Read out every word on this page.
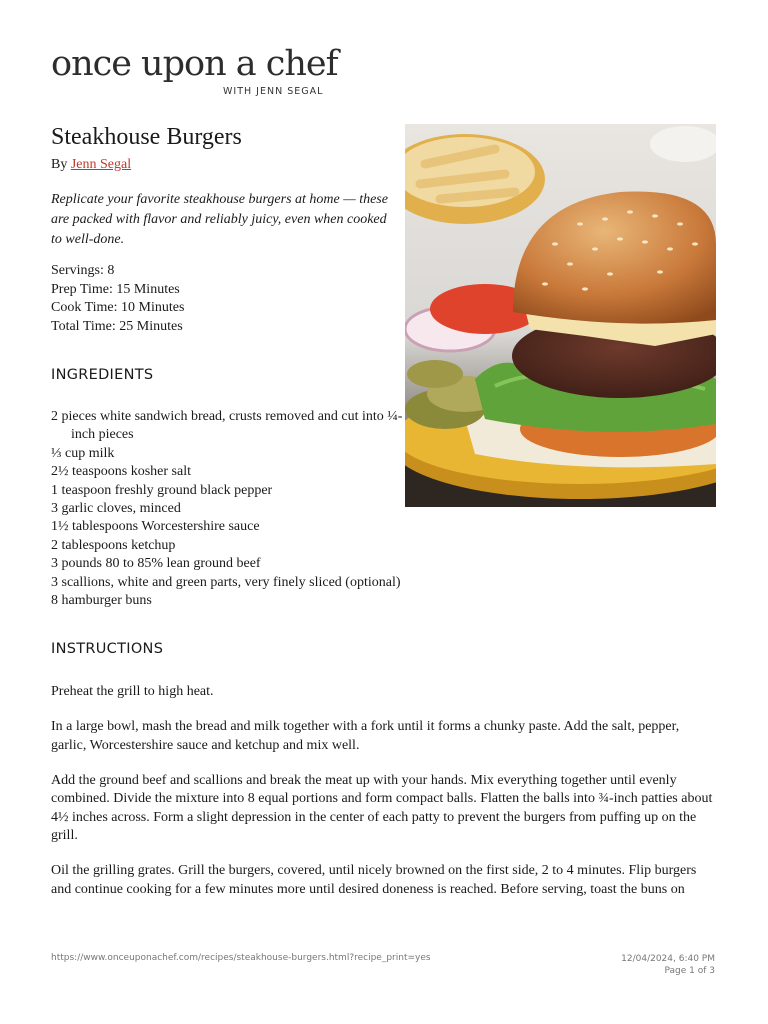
once upon a chef
WITH JENN SEGAL
Steakhouse Burgers
By Jenn Segal

Replicate your favorite steakhouse burgers at home — these are packed with flavor and reliably juicy, even when cooked to well-done.

Servings: 8
Prep Time: 15 Minutes
Cook Time: 10 Minutes
Total Time: 25 Minutes
INGREDIENTS
2 pieces white sandwich bread, crusts removed and cut into ¼-inch pieces
⅓ cup milk
2½ teaspoons kosher salt
1 teaspoon freshly ground black pepper
3 garlic cloves, minced
1½ tablespoons Worcestershire sauce
2 tablespoons ketchup
3 pounds 80 to 85% lean ground beef
3 scallions, white and green parts, very finely sliced (optional)
8 hamburger buns
INSTRUCTIONS

Preheat the grill to high heat.

In a large bowl, mash the bread and milk together with a fork until it forms a chunky paste. Add the salt, pepper, garlic, Worcestershire sauce and ketchup and mix well.

Add the ground beef and scallions and break the meat up with your hands. Mix everything together until evenly combined. Divide the mixture into 8 equal portions and form compact balls. Flatten the balls into ¾-inch patties about 4½ inches across. Form a slight depression in the center of each patty to prevent the burgers from puffing up on the grill.

Oil the grilling grates. Grill the burgers, covered, until nicely browned on the first side, 2 to 4 minutes. Flip burgers and continue cooking for a few minutes more until desired doneness is reached. Before serving, toast the buns on

https://www.onceuponachef.com/recipes/steakhouse-burgers.html?recipe_print=yes	12/04/2024, 6:40 PM
Page 1 of 3
